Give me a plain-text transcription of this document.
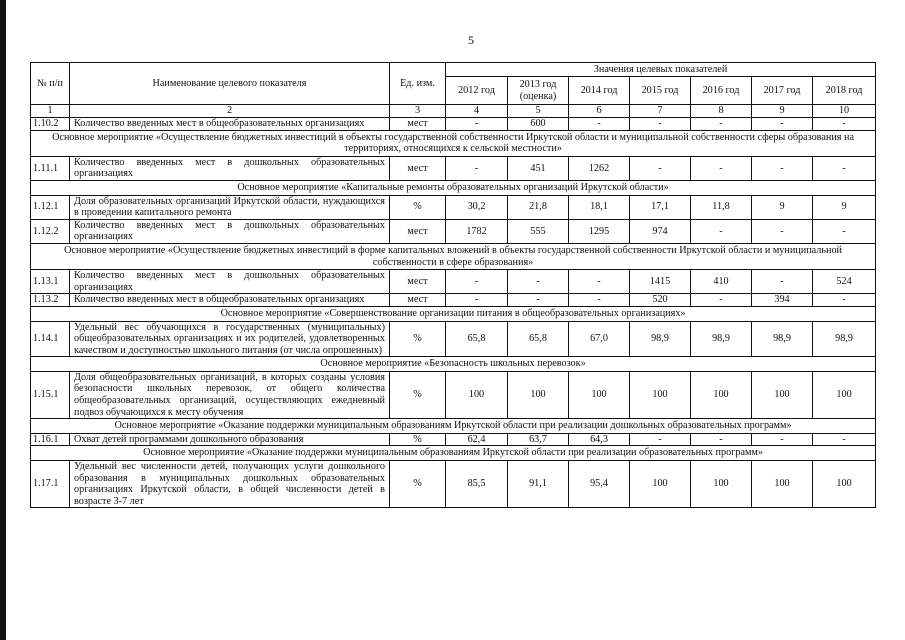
5
№ п/п	Наименование целевого показателя	Ед. изм.	Значения целевых показателей						
			2012 год	2013 год (оценка)	2014 год	2015 год	2016 год	2017 год	2018 год
1	2	3	4	5	6	7	8	9	10
1.10.2	Количество введенных мест в общеобразовательных организациях	мест	-	600	-	-	-	-	-
Основное мероприятие «Осуществление бюджетных инвестиций в объекты государственной собственности Иркутской области и муниципальной собственности сферы образования на территориях, относящихся к сельской местности»									
1.11.1	Количество введенных мест в дошкольных образовательных организациях	мест	-	451	1262	-	-	-	-
Основное мероприятие «Капитальные ремонты образовательных организаций Иркутской области»									
1.12.1	Доля образовательных организаций Иркутской области, нуждающихся в проведении капитального ремонта	%	30,2	21,8	18,1	17,1	11,8	9	9
1.12.2	Количество введенных мест в дошкольных образовательных организациях	мест	1782	555	1295	974	-	-	-
Основное мероприятие «Осуществление бюджетных инвестиций в форме капитальных вложений в объекты государственной собственности Иркутской области и муниципальной собственности в сфере образования»									
1.13.1	Количество введенных мест в дошкольных образовательных организациях	мест	-	-	-	1415	410	-	524
1.13.2	Количество введенных мест в общеобразовательных организациях	мест	-	-	-	520	-	394	-
Основное мероприятие «Совершенствование организации питания в общеобразовательных организациях»									
1.14.1	Удельный вес обучающихся в государственных (муниципальных) общеобразовательных организациях и их родителей, удовлетворенных качеством и доступностью школьного питания (от числа опрошенных)	%	65,8	65,8	67,0	98,9	98,9	98,9	98,9
Основное мероприятие «Безопасность школьных перевозок»									
1.15.1	Доля общеобразовательных организаций, в которых созданы условия безопасности школьных перевозок, от общего количества общеобразовательных организаций, осуществляющих ежедневный подвоз обучающихся к месту обучения	%	100	100	100	100	100	100	100
Основное мероприятие «Оказание поддержки муниципальным образованиям Иркутской области при реализации дошкольных образовательных программ»									
1.16.1	Охват детей программами дошкольного образования	%	62,4	63,7	64,3	-	-	-	-
Основное мероприятие «Оказание поддержки муниципальным образованиям Иркутской области при реализации образовательных программ»									
1.17.1	Удельный вес численности детей, получающих услуги дошкольного образования в муниципальных дошкольных образовательных организациях Иркутской области, в общей численности детей в возрасте 3-7 лет	%	85,5	91,1	95,4	100	100	100	100
